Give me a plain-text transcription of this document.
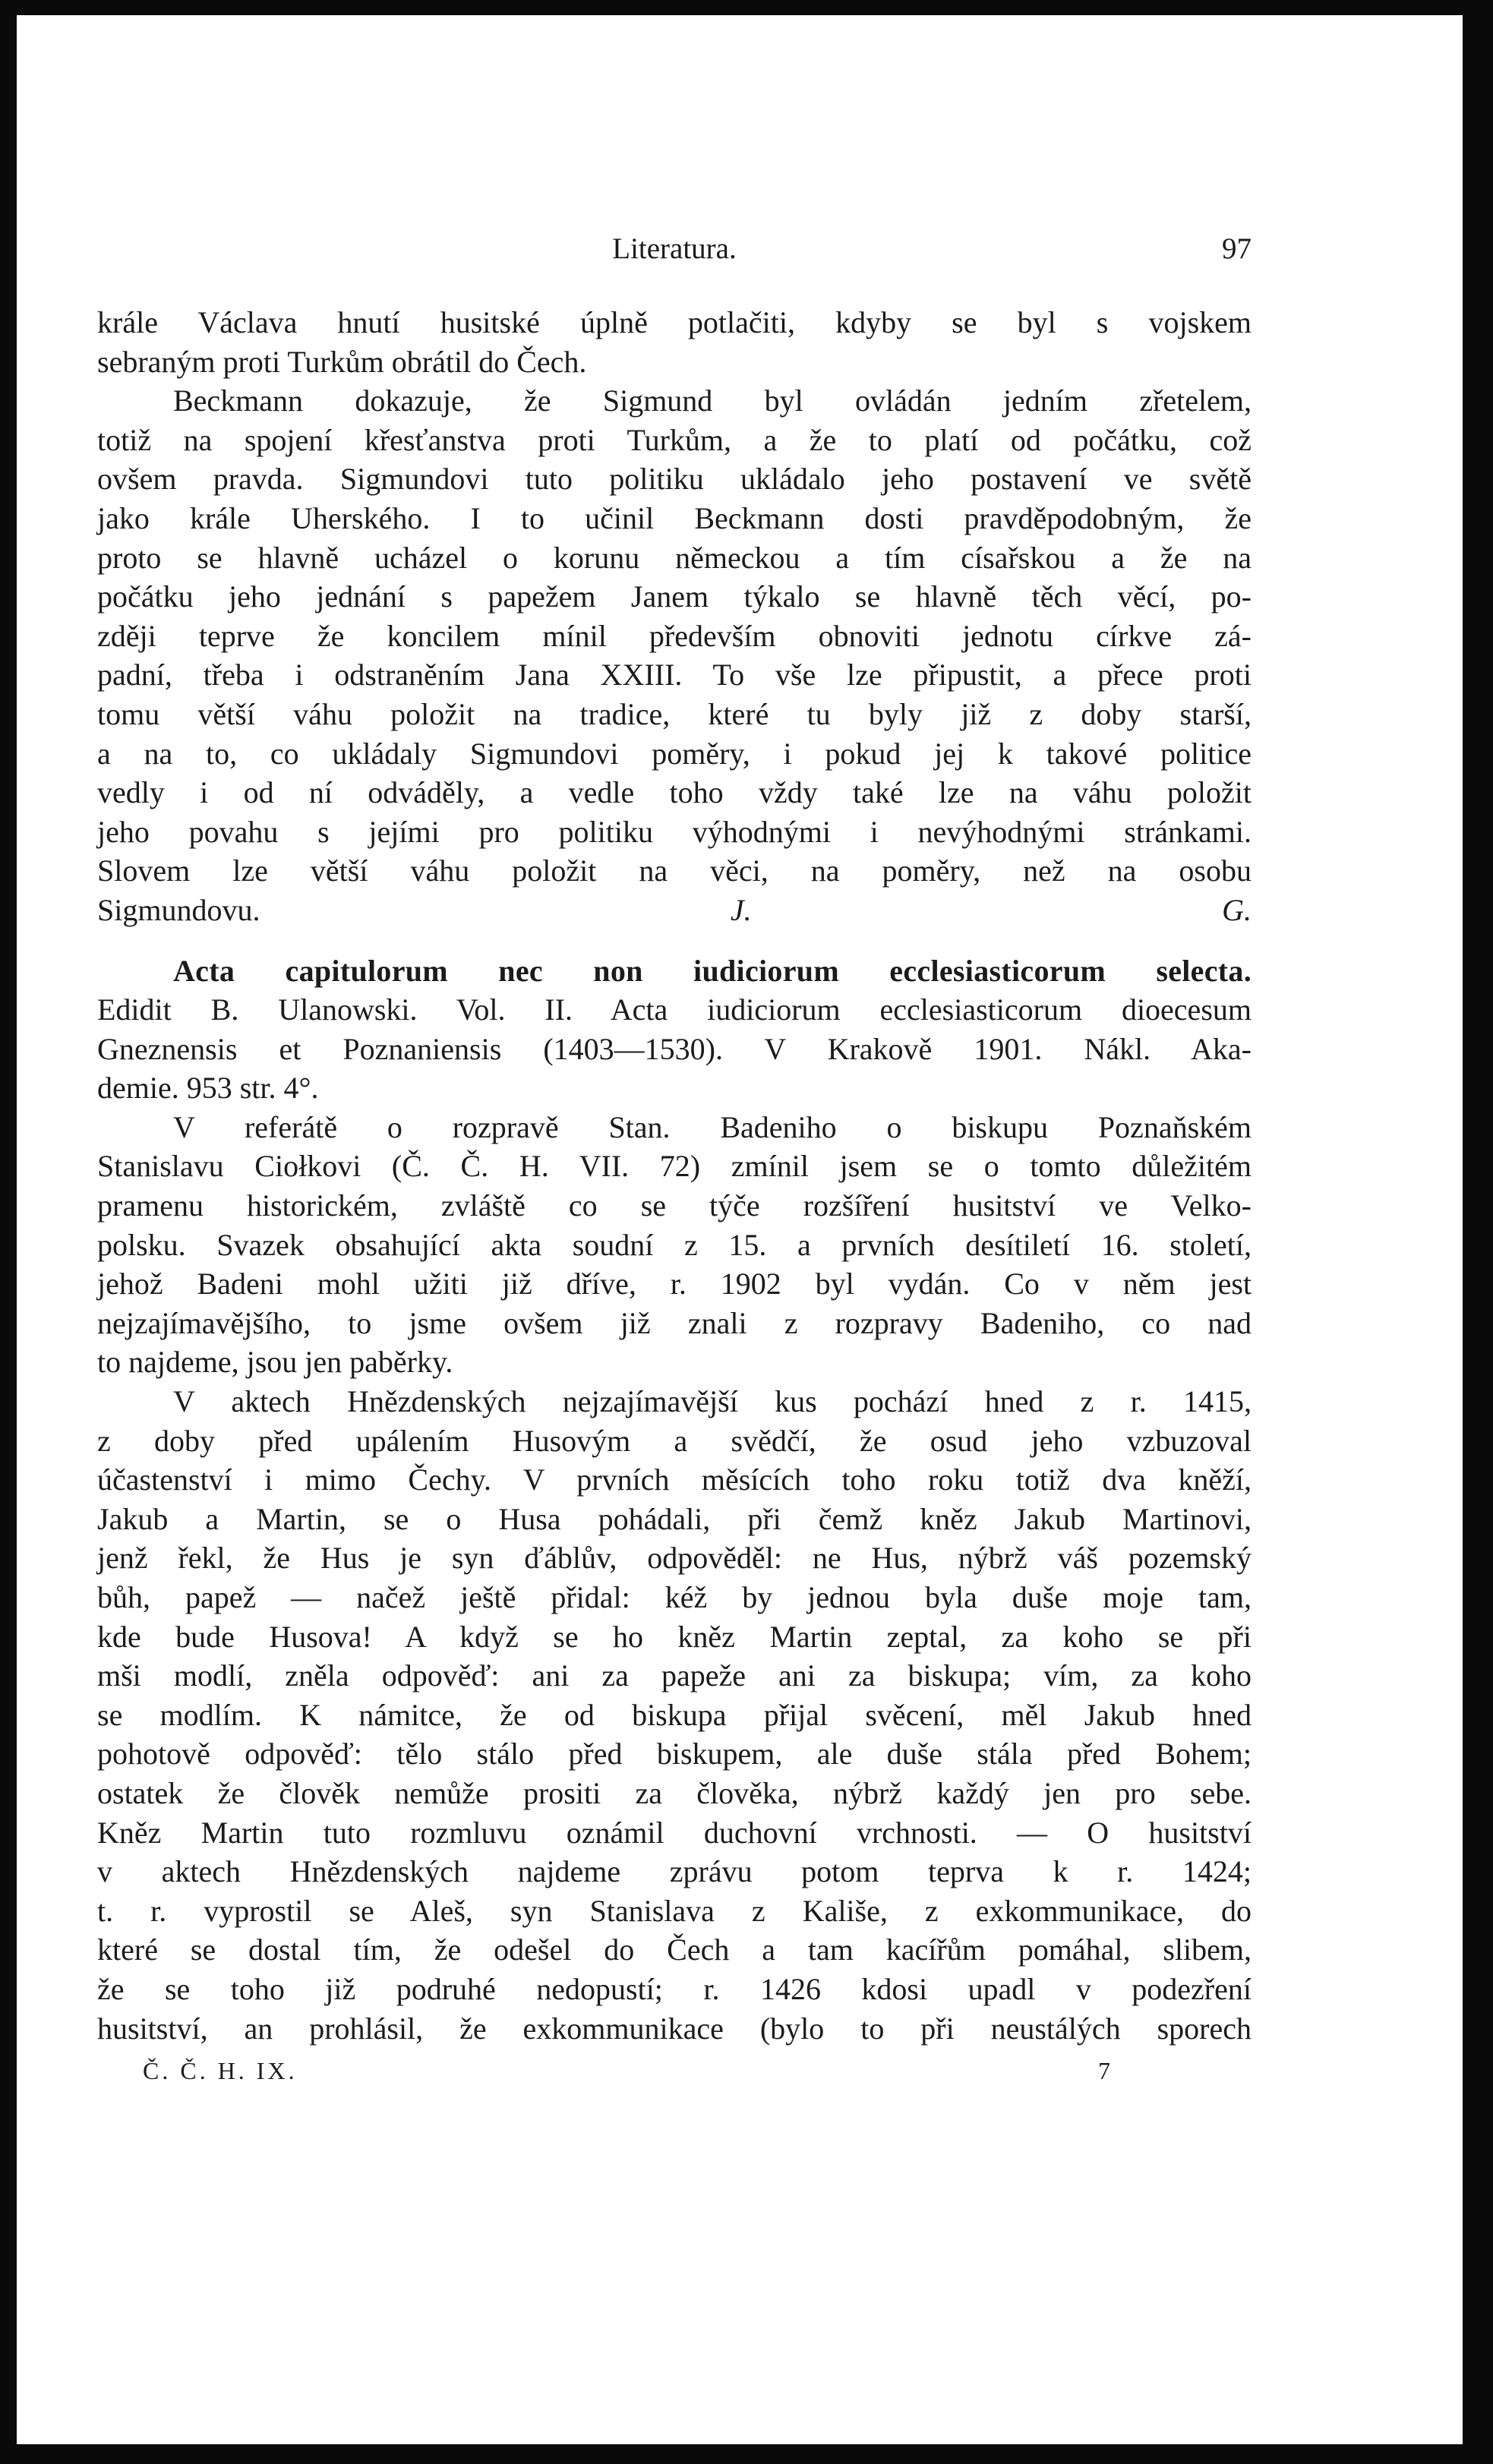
Literatura.	97
krále Václava hnutí husitské úplně potlačiti, kdyby se byl s vojskem
sebraným proti Turkům obrátil do Čech.
Beckmann dokazuje, že Sigmund byl ovládán jedním zřetelem,
totiž na spojení křesťanstva proti Turkům, a že to platí od počátku, což
ovšem pravda. Sigmundovi tuto politiku ukládalo jeho postavení ve světě
jako krále Uherského. I to učinil Beckmann dosti pravděpodobným, že
proto se hlavně ucházel o korunu německou a tím císařskou a že na
počátku jeho jednání s papežem Janem týkalo se hlavně těch věcí, po-
zději teprve že koncilem mínil především obnoviti jednotu církve zá-
padní, třeba i odstraněním Jana XXIII. To vše lze připustit, a přece proti
tomu větší váhu položit na tradice, které tu byly již z doby starší,
a na to, co ukládaly Sigmundovi poměry, i pokud jej k takové politice
vedly i od ní odváděly, a vedle toho vždy také lze na váhu položit
jeho povahu s jejími pro politiku výhodnými i nevýhodnými stránkami.
Slovem lze větší váhu položit na věci, na poměry, než na osobu
Sigmundovu.	J. G.
Acta capitulorum nec non iudiciorum ecclesiasticorum selecta.
Edidit B. Ulanowski. Vol. II. Acta iudiciorum ecclesiasticorum dioecesum
Gneznensis et Poznaniensis (1403—1530). V Krakově 1901. Nákl. Aka-
demie. 953 str. 4°.
V referátě o rozpravě Stan. Badeniho o biskupu Poznaňském
Stanislavu Ciołkovi (Č. Č. H. VII. 72) zmínil jsem se o tomto důležitém
pramenu historickém, zvláště co se týče rozšíření husitství ve Velko-
polsku. Svazek obsahující akta soudní z 15. a prvních desítiletí 16. století,
jehož Badeni mohl užiti již dříve, r. 1902 byl vydán. Co v něm jest
nejzajímavějšího, to jsme ovšem již znali z rozpravy Badeniho, co nad
to najdeme, jsou jen paběrky.
V aktech Hnězdenských nejzajímavější kus pochází hned z r. 1415,
z doby před upálením Husovým a svědčí, že osud jeho vzbuzoval
účastenství i mimo Čechy. V prvních měsících toho roku totiž dva kněží,
Jakub a Martin, se o Husa pohádali, při čemž kněz Jakub Martinovi,
jenž řekl, že Hus je syn ďáblův, odpověděl: ne Hus, nýbrž váš pozemský
bůh, papež — načež ještě přidal: kéž by jednou byla duše moje tam,
kde bude Husova! A když se ho kněz Martin zeptal, za koho se při
mši modlí, zněla odpověď: ani za papeže ani za biskupa; vím, za koho
se modlím. K námitce, že od biskupa přijal svěcení, měl Jakub hned
pohotově odpověď: tělo stálo před biskupem, ale duše stála před Bohem;
ostatek že člověk nemůže prositi za člověka, nýbrž každý jen pro sebe.
Kněz Martin tuto rozmluvu oznámil duchovní vrchnosti. — O husitství
v aktech Hnězdenských najdeme zprávu potom teprva k r. 1424;
t. r. vyprostil se Aleš, syn Stanislava z Kališe, z exkommunikace, do
které se dostal tím, že odešel do Čech a tam kacířům pomáhal, slibem,
že se toho již podruhé nedopustí; r. 1426 kdosi upadl v podezření
husitství, an prohlásil, že exkommunikace (bylo to při neustálých sporech
Č. Č. H. IX.	7
